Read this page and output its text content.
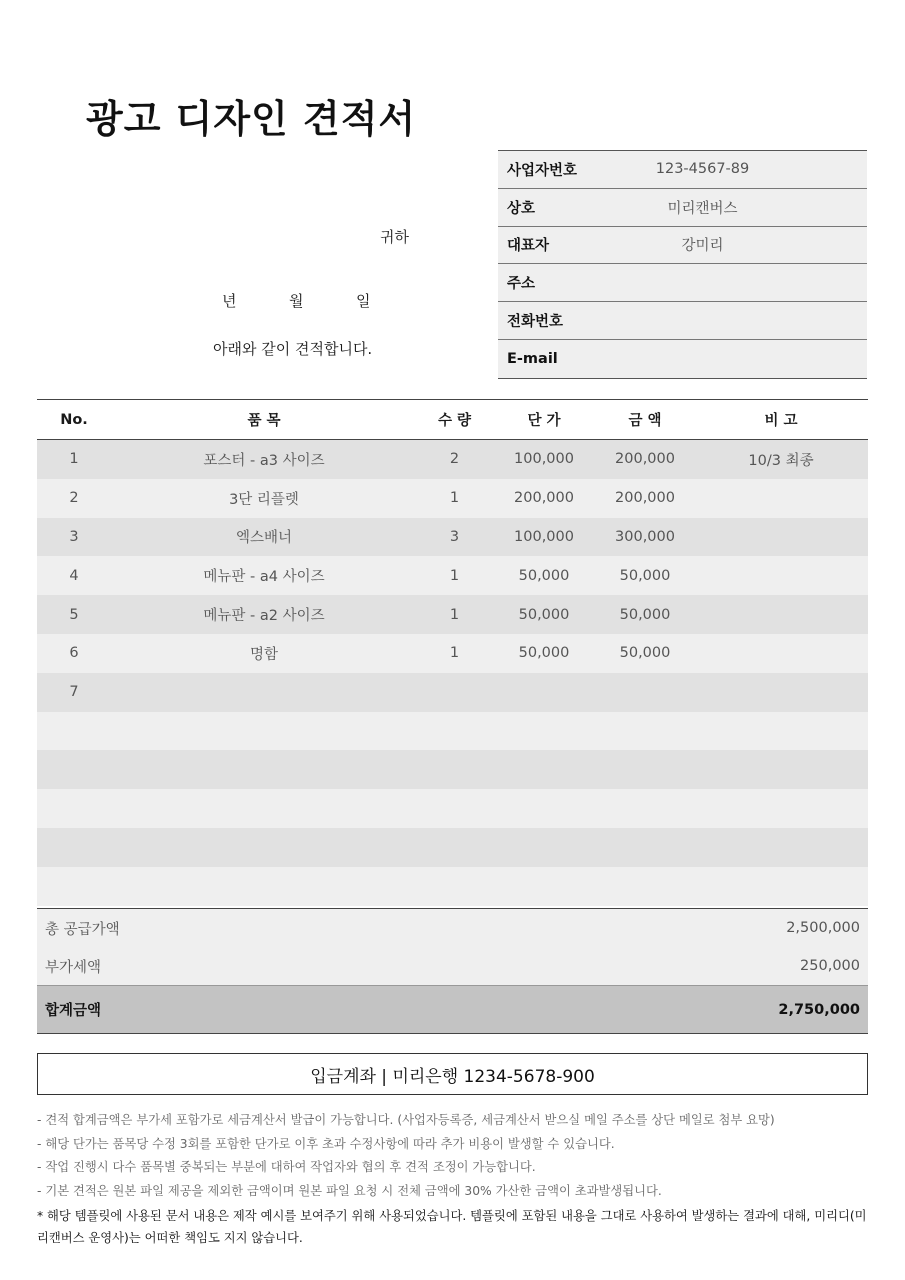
광고 디자인 견적서
귀하
년	월	일
아래와 같이 견적합니다.
사업자번호	123-4567-89
상호	미리캔버스
대표자	강미리
주소
전화번호
E-mail
No.	품 목	수 량	단 가	금 액	비 고
1	포스터 - a3 사이즈	2	100,000	200,000	10/3 최종
2	3단 리플렛	1	200,000	200,000
3	엑스배너	3	100,000	300,000
4	메뉴판 - a4 사이즈	1	50,000	50,000
5	메뉴판 - a2 사이즈	1	50,000	50,000
6	명함	1	50,000	50,000
7
총 공급가액	2,500,000
부가세액	250,000
합계금액	2,750,000
입금계좌 | 미리은행 1234-5678-900

- 견적 합계금액은 부가세 포함가로 세금계산서 발급이 가능합니다. (사업자등록증, 세금계산서 받으실 메일 주소를 상단 메일로 첨부 요망)

- 해당 단가는 품목당 수정 3회를 포함한 단가로 이후 초과 수정사항에 따라 추가 비용이 발생할 수 있습니다.

- 작업 진행시 다수 품목별 중복되는 부분에 대하여 작업자와 협의 후 견적 조정이 가능합니다.

- 기본 견적은 원본 파일 제공을 제외한 금액이며 원본 파일 요청 시 전체 금액에 30% 가산한 금액이 초과발생됩니다.

* 해당 템플릿에 사용된 문서 내용은 제작 예시를 보여주기 위해 사용되었습니다. 템플릿에 포함된 내용을 그대로 사용하여 발생하는 결과에 대해, 미리디(미리캔버스 운영사)는 어떠한 책임도 지지 않습니다.
